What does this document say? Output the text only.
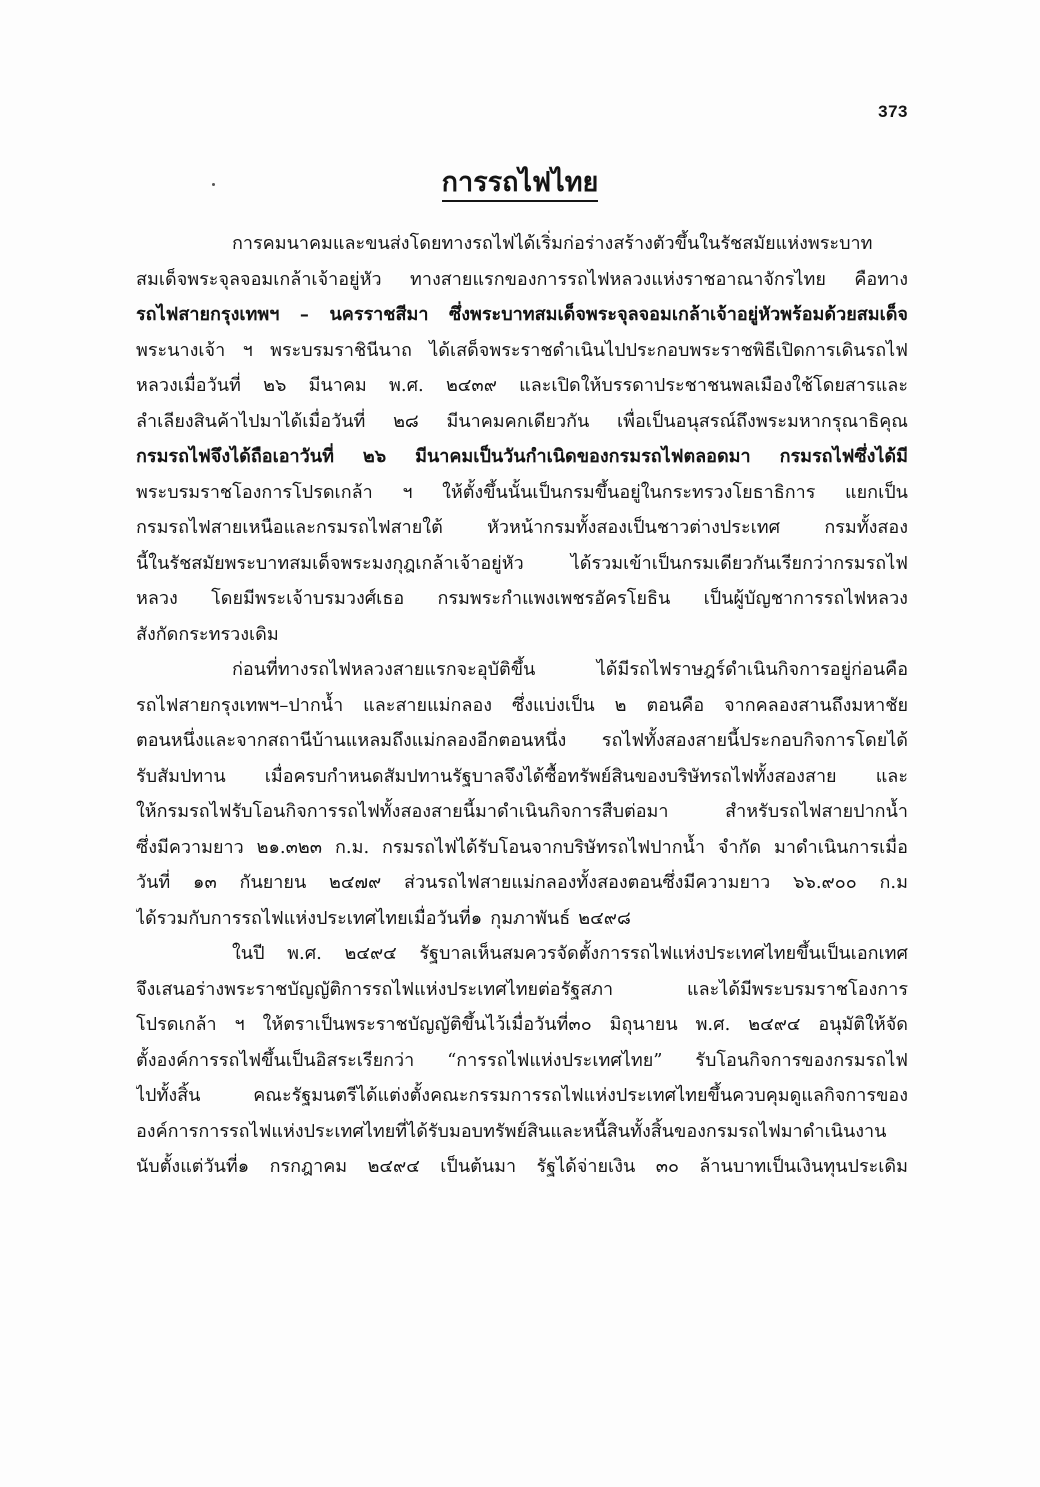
373
การรถไฟไทย
การคมนาคมและขนส่งโดยทางรถไฟได้เริ่มก่อร่างสร้างตัวขึ้นในรัชสมัยแห่งพระบาท
สมเด็จพระจุลจอมเกล้าเจ้าอยู่หัว ทางสายแรกของการรถไฟหลวงแห่งราชอาณาจักรไทย คือทาง
รถไฟสายกรุงเทพฯ – นครราชสีมา ซึ่งพระบาทสมเด็จพระจุลจอมเกล้าเจ้าอยู่หัวพร้อมด้วยสมเด็จ
พระนางเจ้า ฯ พระบรมราชินีนาถ ได้เสด็จพระราชดำเนินไปประกอบพระราชพิธีเปิดการเดินรถไฟ
หลวงเมื่อวันที่ ๒๖ มีนาคม พ.ศ. ๒๔๓๙ และเปิดให้บรรดาประชาชนพลเมืองใช้โดยสารและ
ลำเลียงสินค้าไปมาได้เมื่อวันที่ ๒๘ มีนาคมคกเดียวกัน เพื่อเป็นอนุสรณ์ถึงพระมหากรุณาธิคุณ
กรมรถไฟจึงได้ถือเอาวันที่ ๒๖ มีนาคมเป็นวันกำเนิดของกรมรถไฟตลอดมา กรมรถไฟซึ่งได้มี
พระบรมราชโองการโปรดเกล้า ฯ ให้ตั้งขึ้นนั้นเป็นกรมขึ้นอยู่ในกระทรวงโยธาธิการ แยกเป็น
กรมรถไฟสายเหนือและกรมรถไฟสายใต้ หัวหน้ากรมทั้งสองเป็นชาวต่างประเทศ กรมทั้งสอง
นี้ในรัชสมัยพระบาทสมเด็จพระมงกุฎเกล้าเจ้าอยู่หัว	ได้รวมเข้าเป็นกรมเดียวกันเรียกว่ากรมรถไฟ
หลวง โดยมีพระเจ้าบรมวงศ์เธอ กรมพระกำแพงเพชรอัครโยธิน เป็นผู้บัญชาการรถไฟหลวง
สังกัดกระทรวงเดิม
ก่อนที่ทางรถไฟหลวงสายแรกจะอุบัติขึ้น	ได้มีรถไฟราษฎร์ดำเนินกิจการอยู่ก่อนคือ
รถไฟสายกรุงเทพฯ–ปากน้ำ และสายแม่กลอง ซึ่งแบ่งเป็น ๒ ตอนคือ จากคลองสานถึงมหาชัย
ตอนหนึ่งและจากสถานีบ้านแหลมถึงแม่กลองอีกตอนหนึ่ง รถไฟทั้งสองสายนี้ประกอบกิจการโดยได้
รับสัมปทาน เมื่อครบกำหนดสัมปทานรัฐบาลจึงได้ซื้อทรัพย์สินของบริษัทรถไฟทั้งสองสาย และ
ให้กรมรถไฟรับโอนกิจการรถไฟทั้งสองสายนี้มาดำเนินกิจการสืบต่อมา	สำหรับรถไฟสายปากน้ำ
ซึ่งมีความยาว ๒๑.๓๒๓ ก.ม. กรมรถไฟได้รับโอนจากบริษัทรถไฟปากน้ำ จำกัด มาดำเนินการเมื่อ
วันที่ ๑๓ กันยายน ๒๔๗๙ ส่วนรถไฟสายแม่กลองทั้งสองตอนซึ่งมีความยาว ๖๖.๙๐๐ ก.ม
ได้รวมกับการรถไฟแห่งประเทศไทยเมื่อวันที่๑ กุมภาพันธ์ ๒๔๙๘
ในปี พ.ศ. ๒๔๙๔ รัฐบาลเห็นสมควรจัดตั้งการรถไฟแห่งประเทศไทยขึ้นเป็นเอกเทศ
จึงเสนอร่างพระราชบัญญัติการรถไฟแห่งประเทศไทยต่อรัฐสภา	และได้มีพระบรมราชโองการ
โปรดเกล้า ฯ ให้ตราเป็นพระราชบัญญัติขึ้นไว้เมื่อวันที่๓๐ มิถุนายน พ.ศ. ๒๔๙๔ อนุมัติให้จัด
ตั้งองค์การรถไฟขึ้นเป็นอิสระเรียกว่า “การรถไฟแห่งประเทศไทย” รับโอนกิจการของกรมรถไฟ
ไปทั้งสิ้น	คณะรัฐมนตรีได้แต่งตั้งคณะกรรมการรถไฟแห่งประเทศไทยขึ้นควบคุมดูแลกิจการของ
องค์การการรถไฟแห่งประเทศไทยที่ได้รับมอบทรัพย์สินและหนี้สินทั้งสิ้นของกรมรถไฟมาดำเนินงาน
นับตั้งแต่วันที่๑ กรกฎาคม ๒๔๙๔ เป็นต้นมา รัฐได้จ่ายเงิน ๓๐ ล้านบาทเป็นเงินทุนประเดิม
